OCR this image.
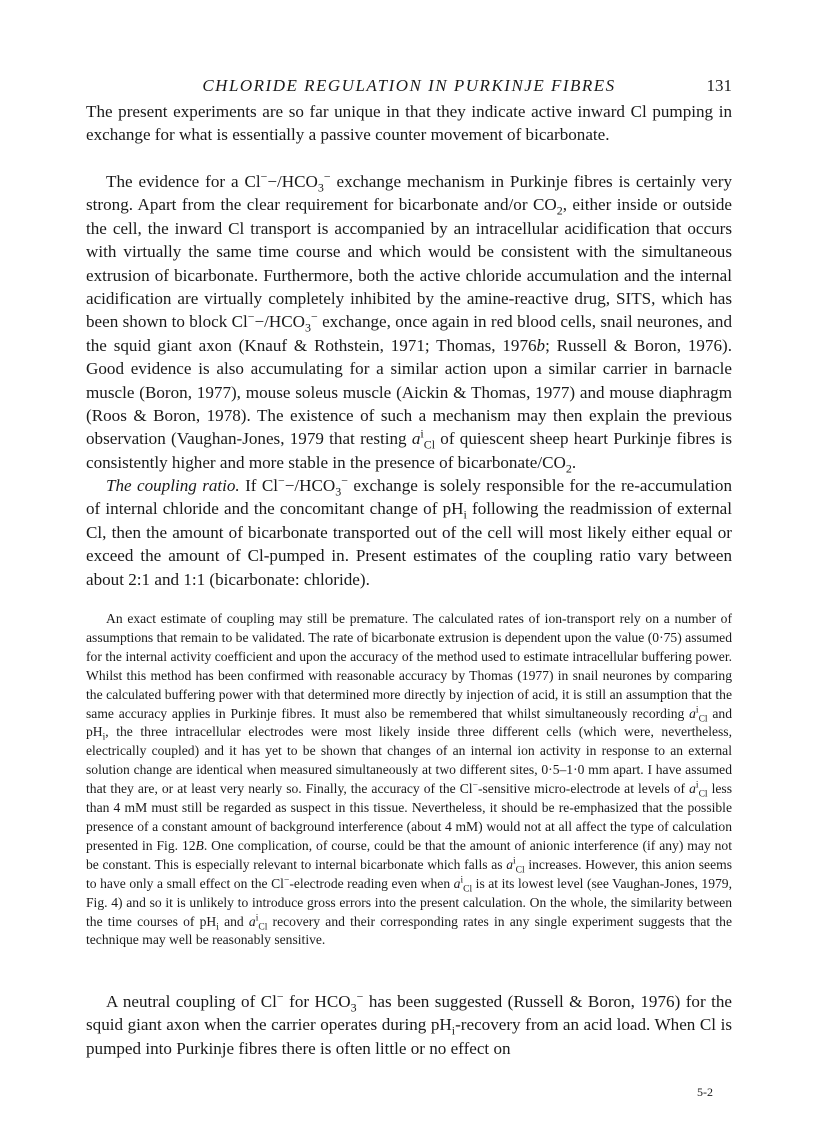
CHLORIDE REGULATION IN PURKINJE FIBRES	131

The present experiments are so far unique in that they indicate active inward Cl pumping in exchange for what is essentially a passive counter movement of bicarbonate.

The evidence for a $Cl^--/HCO_3^-$ exchange mechanism in Purkinje fibres is certainly very strong. Apart from the clear requirement for bicarbonate and/or $CO_2$, either inside or outside the cell, the inward Cl transport is accompanied by an intracellular acidification that occurs with virtually the same time course and which would be consistent with the simultaneous extrusion of bicarbonate. Furthermore, both the active chloride accumulation and the internal acidification are virtually completely inhibited by the amine-reactive drug, SITS, which has been shown to block $Cl^--/HCO_3^-$ exchange, once again in red blood cells, snail neurones, and the squid giant axon (Knauf & Rothstein, 1971; Thomas, 1976b; Russell & Boron, 1976). Good evidence is also accumulating for a similar action upon a similar carrier in barnacle muscle (Boron, 1977), mouse soleus muscle (Aickin & Thomas, 1977) and mouse diaphragm (Roos & Boron, 1978). The existence of such a mechanism may then explain the previous observation (Vaughan-Jones, 1979 that resting $a^i_{Cl}$ of quiescent sheep heart Purkinje fibres is consistently higher and more stable in the presence of bicarbonate/$CO_2$.

The coupling ratio. If $Cl^--/HCO_3^-$ exchange is solely responsible for the re-accumulation of internal chloride and the concomitant change of $pH_i$ following the readmission of external Cl, then the amount of bicarbonate transported out of the cell will most likely either equal or exceed the amount of Cl-pumped in. Present estimates of the coupling ratio vary between about 2:1 and 1:1 (bicarbonate: chloride).

An exact estimate of coupling may still be premature. The calculated rates of ion-transport rely on a number of assumptions that remain to be validated. The rate of bicarbonate extrusion is dependent upon the value (0·75) assumed for the internal activity coefficient and upon the accuracy of the method used to estimate intracellular buffering power. Whilst this method has been confirmed with reasonable accuracy by Thomas (1977) in snail neurones by comparing the calculated buffering power with that determined more directly by injection of acid, it is still an assumption that the same accuracy applies in Purkinje fibres. It must also be remembered that whilst simultaneously recording $a^i_{Cl}$ and $pH_i$, the three intracellular electrodes were most likely inside three different cells (which were, nevertheless, electrically coupled) and it has yet to be shown that changes of an internal ion activity in response to an external solution change are identical when measured simultaneously at two different sites, 0·5–1·0 mm apart. I have assumed that they are, or at least very nearly so. Finally, the accuracy of the Cl−-sensitive micro-electrode at levels of $a^i_{Cl}$ less than 4 mM must still be regarded as suspect in this tissue. Nevertheless, it should be re-emphasized that the possible presence of a constant amount of background interference (about 4 mM) would not at all affect the type of calculation presented in Fig. 12B. One complication, of course, could be that the amount of anionic interference (if any) may not be constant. This is especially relevant to internal bicarbonate which falls as $a^i_{Cl}$ increases. However, this anion seems to have only a small effect on the Cl−-electrode reading even when $a^i_{Cl}$ is at its lowest level (see Vaughan-Jones, 1979, Fig. 4) and so it is unlikely to introduce gross errors into the present calculation. On the whole, the similarity between the time courses of $pH_i$ and $a^i_{Cl}$ recovery and their corresponding rates in any single experiment suggests that the technique may well be reasonably sensitive.

A neutral coupling of Cl− for $HCO_3^-$ has been suggested (Russell & Boron, 1976) for the squid giant axon when the carrier operates during $pH_i$-recovery from an acid load. When Cl is pumped into Purkinje fibres there is often little or no effect on

5-2
